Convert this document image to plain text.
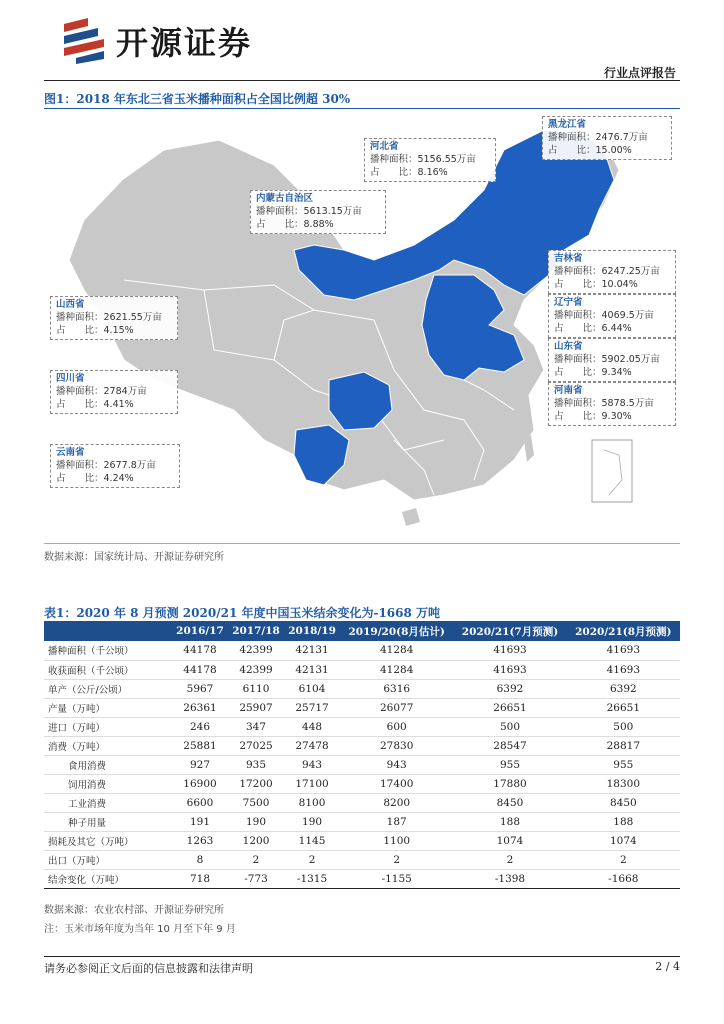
开源证券
行业点评报告
图1：2018 年东北三省玉米播种面积占全国比例超 30%
黑龙江省
播种面积：2476.7万亩
占　　比：15.00%
河北省
播种面积：5156.55万亩
占　　比：8.16%
内蒙古自治区
播种面积：5613.15万亩
占　　比：8.88%
吉林省
播种面积：6247.25万亩
占　　比：10.04%
辽宁省
播种面积：4069.5万亩
占　　比：6.44%
山西省
播种面积：2621.55万亩
占　　比：4.15%
山东省
播种面积：5902.05万亩
占　　比：9.34%
四川省
播种面积：2784万亩
占　　比：4.41%
河南省
播种面积：5878.5万亩
占　　比：9.30%
云南省
播种面积：2677.8万亩
占　　比：4.24%
数据来源：国家统计局、开源证券研究所
表1：2020 年 8 月预测 2020/21 年度中国玉米结余变化为-1668 万吨
	2016/17	2017/18	2018/19	2019/20(8月估计)	2020/21(7月预测)	2020/21(8月预测)
播种面积（千公顷）	44178	42399	42131	41284	41693	41693
收获面积（千公顷）	44178	42399	42131	41284	41693	41693
单产（公斤/公顷）	5967	6110	6104	6316	6392	6392
产量（万吨）	26361	25907	25717	26077	26651	26651
进口（万吨）	246	347	448	600	500	500
消费（万吨）	25881	27025	27478	27830	28547	28817
食用消费	927	935	943	943	955	955
饲用消费	16900	17200	17100	17400	17880	18300
工业消费	6600	7500	8100	8200	8450	8450
种子用量	191	190	190	187	188	188
损耗及其它（万吨）	1263	1200	1145	1100	1074	1074
出口（万吨）	8	2	2	2	2	2
结余变化（万吨）	718	-773	-1315	-1155	-1398	-1668
数据来源：农业农村部、开源证券研究所
注：玉米市场年度为当年 10 月至下年 9 月
请务必参阅正文后面的信息披露和法律声明	2 / 4
